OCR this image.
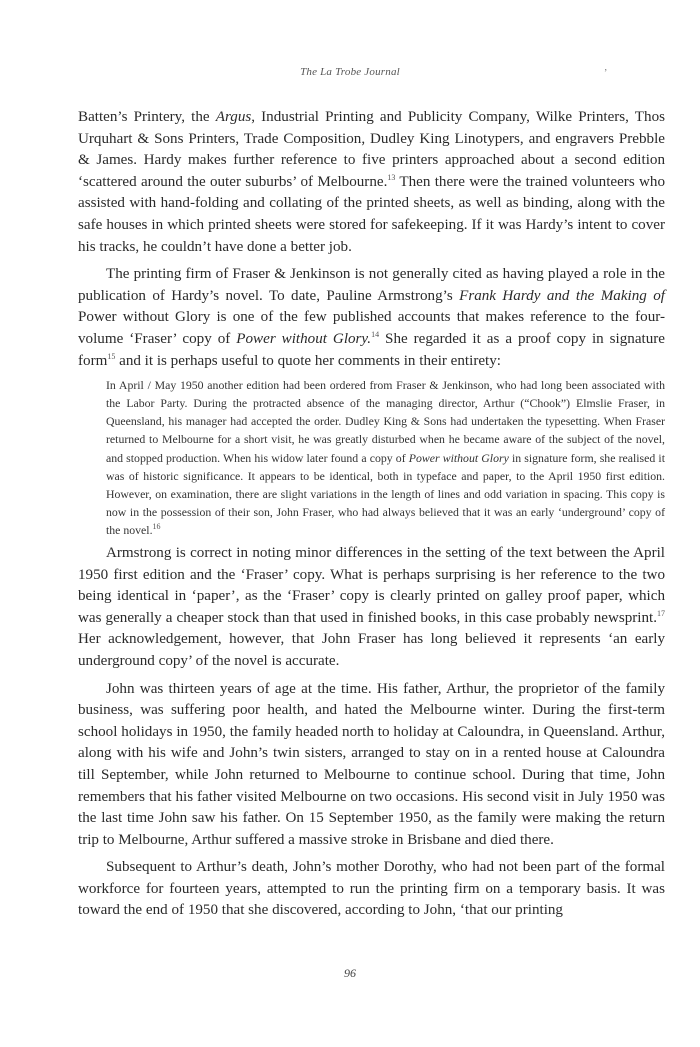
The La Trobe Journal	’

Batten’s Printery, the Argus, Industrial Printing and Publicity Company, Wilke Printers, Thos Urquhart & Sons Printers, Trade Composition, Dudley King Linotypers, and engravers Prebble & James. Hardy makes further reference to five printers approached about a second edition ‘scattered around the outer suburbs’ of Melbourne.$^{13}$ Then there were the trained volunteers who assisted with hand-folding and collating of the printed sheets, as well as binding, along with the safe houses in which printed sheets were stored for safekeeping. If it was Hardy’s intent to cover his tracks, he couldn’t have done a better job.

The printing firm of Fraser & Jenkinson is not generally cited as having played a role in the publication of Hardy’s novel. To date, Pauline Armstrong’s Frank Hardy and the Making of Power without Glory is one of the few published accounts that makes reference to the four-volume ‘Fraser’ copy of Power without Glory.$^{14}$ She regarded it as a proof copy in signature form$^{15}$ and it is perhaps useful to quote her comments in their entirety:

In April / May 1950 another edition had been ordered from Fraser & Jenkinson, who had long been associated with the Labor Party. During the protracted absence of the managing director, Arthur (“Chook”) Elmslie Fraser, in Queensland, his manager had accepted the order. Dudley King & Sons had undertaken the typesetting. When Fraser returned to Melbourne for a short visit, he was greatly disturbed when he became aware of the subject of the novel, and stopped production. When his widow later found a copy of Power without Glory in signature form, she realised it was of historic significance. It appears to be identical, both in typeface and paper, to the April 1950 first edition. However, on examination, there are slight variations in the length of lines and odd variation in spacing. This copy is now in the possession of their son, John Fraser, who had always believed that it was an early ‘underground’ copy of the novel.$^{16}$

Armstrong is correct in noting minor differences in the setting of the text between the April 1950 first edition and the ‘Fraser’ copy. What is perhaps surprising is her reference to the two being identical in ‘paper’, as the ‘Fraser’ copy is clearly printed on galley proof paper, which was generally a cheaper stock than that used in finished books, in this case probably newsprint.$^{17}$ Her acknowledgement, however, that John Fraser has long believed it represents ‘an early underground copy’ of the novel is accurate.

John was thirteen years of age at the time. His father, Arthur, the proprietor of the family business, was suffering poor health, and hated the Melbourne winter. During the first-term school holidays in 1950, the family headed north to holiday at Caloundra, in Queensland. Arthur, along with his wife and John’s twin sisters, arranged to stay on in a rented house at Caloundra till September, while John returned to Melbourne to continue school. During that time, John remembers that his father visited Melbourne on two occasions. His second visit in July 1950 was the last time John saw his father. On 15 September 1950, as the family were making the return trip to Melbourne, Arthur suffered a massive stroke in Brisbane and died there.

Subsequent to Arthur’s death, John’s mother Dorothy, who had not been part of the formal workforce for fourteen years, attempted to run the printing firm on a temporary basis. It was toward the end of 1950 that she discovered, according to John, ‘that our printing

96
